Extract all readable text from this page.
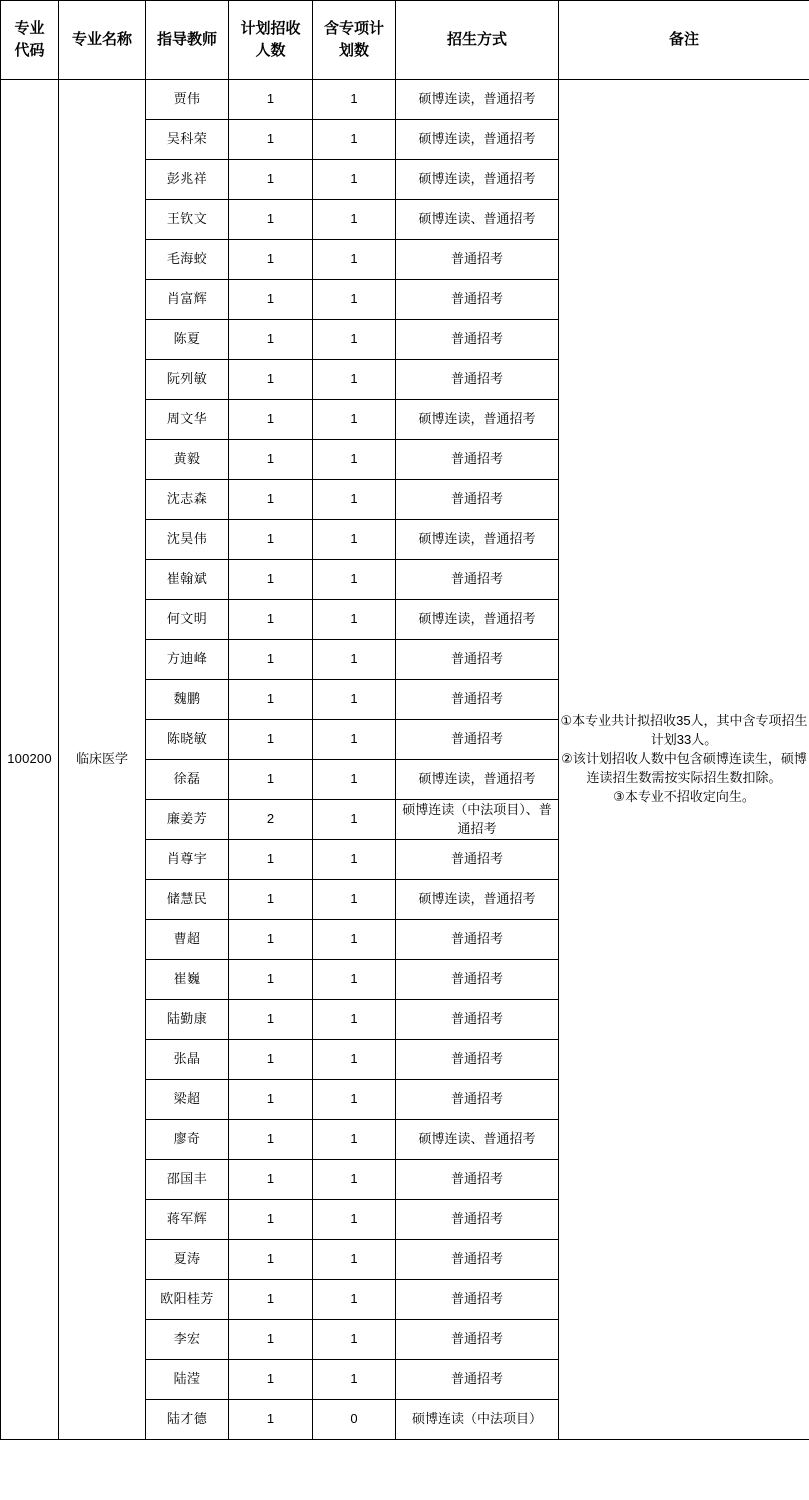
专业代码	专业名称	指导教师	计划招收人数	含专项计划数	招生方式	备注
100200	临床医学	贾伟	1	1	硕博连读，普通招考	①本专业共计拟招收35人，其中含专项招生计划33人。

②该计划招收人数中包含硕博连读生，硕博连读招生数需按实际招生数扣除。

③本专业不招收定向生。

		吴科荣	1	1	硕博连读，普通招考	
		彭兆祥	1	1	硕博连读，普通招考	
		王钦文	1	1	硕博连读、普通招考	
		毛海蛟	1	1	普通招考	
		肖富辉	1	1	普通招考	
		陈夏	1	1	普通招考	
		阮列敏	1	1	普通招考	
		周文华	1	1	硕博连读，普通招考	
		黄毅	1	1	普通招考	
		沈志森	1	1	普通招考	
		沈昊伟	1	1	硕博连读，普通招考	
		崔翰斌	1	1	普通招考	
		何文明	1	1	硕博连读，普通招考	
		方迪峰	1	1	普通招考	
		魏鹏	1	1	普通招考	
		陈晓敏	1	1	普通招考	
		徐磊	1	1	硕博连读，普通招考	
		廉姜芳	2	1	硕博连读（中法项目）、普通招考	
		肖尊宇	1	1	普通招考	
		储慧民	1	1	硕博连读，普通招考	
		曹超	1	1	普通招考	
		崔巍	1	1	普通招考	
		陆勤康	1	1	普通招考	
		张晶	1	1	普通招考	
		梁超	1	1	普通招考	
		廖奇	1	1	硕博连读、普通招考	
		邵国丰	1	1	普通招考	
		蒋军辉	1	1	普通招考	
		夏涛	1	1	普通招考	
		欧阳桂芳	1	1	普通招考	
		李宏	1	1	普通招考	
		陆滢	1	1	普通招考	
		陆才德	1	0	硕博连读（中法项目）	
